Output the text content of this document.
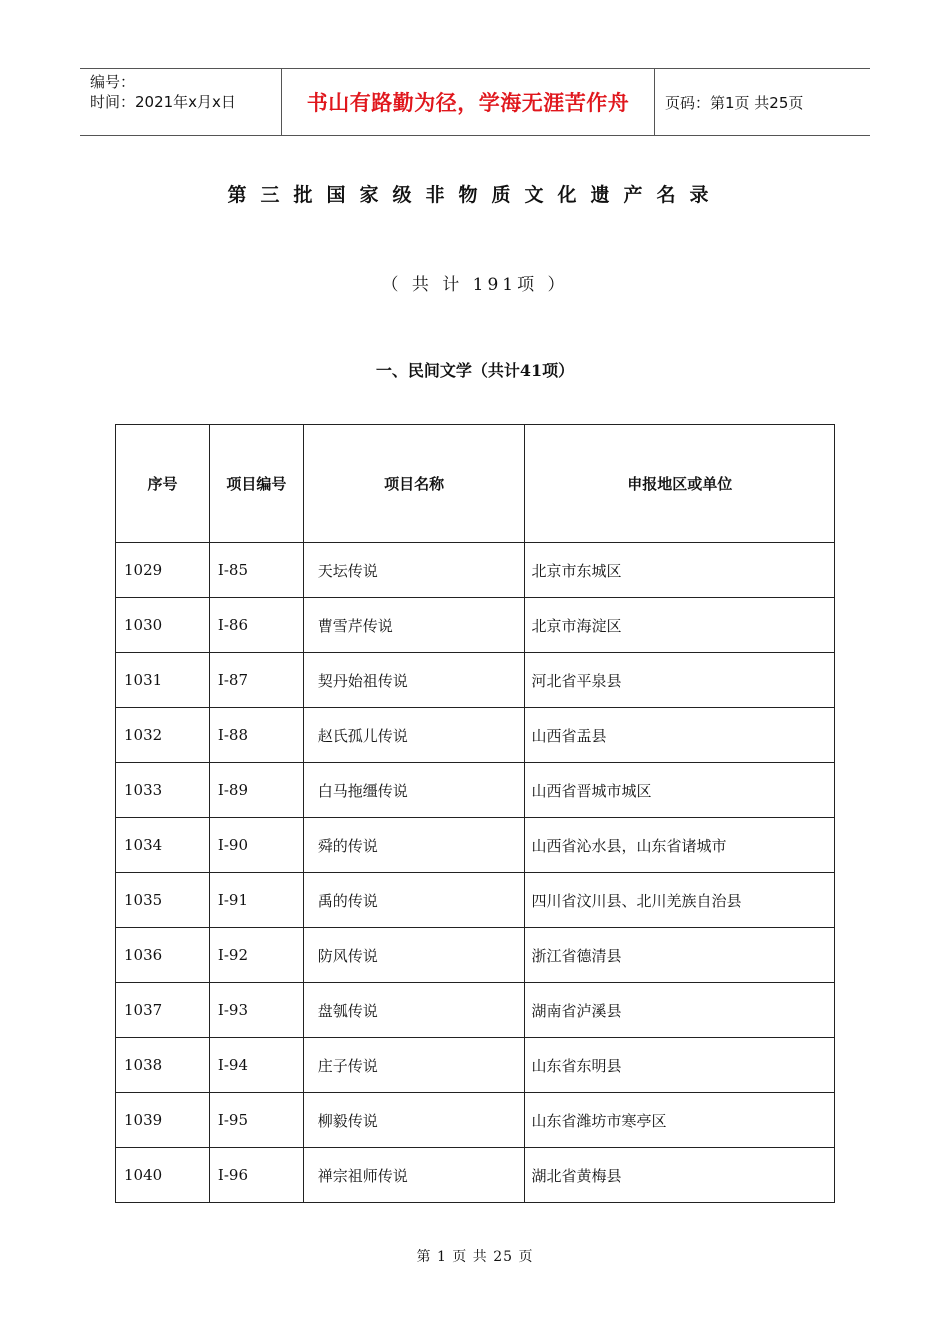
编号：
时间：2021年x月x日	书山有路勤为径，学海无涯苦作舟	页码：第1页 共25页
第三批国家级非物质文化遗产名录
（ 共 计 191项 ）
一、民间文学（共计41项）
序号	项目编号	项目名称	申报地区或单位
1029	I-85	天坛传说	北京市东城区
1030	I-86	曹雪芹传说	北京市海淀区
1031	I-87	契丹始祖传说	河北省平泉县
1032	I-88	赵氏孤儿传说	山西省盂县
1033	I-89	白马拖缰传说	山西省晋城市城区
1034	I-90	舜的传说	山西省沁水县，山东省诸城市
1035	I-91	禹的传说	四川省汶川县、北川羌族自治县
1036	I-92	防风传说	浙江省德清县
1037	I-93	盘瓠传说	湖南省泸溪县
1038	I-94	庄子传说	山东省东明县
1039	I-95	柳毅传说	山东省潍坊市寒亭区
1040	I-96	禅宗祖师传说	湖北省黄梅县
第 1 页 共 25 页
